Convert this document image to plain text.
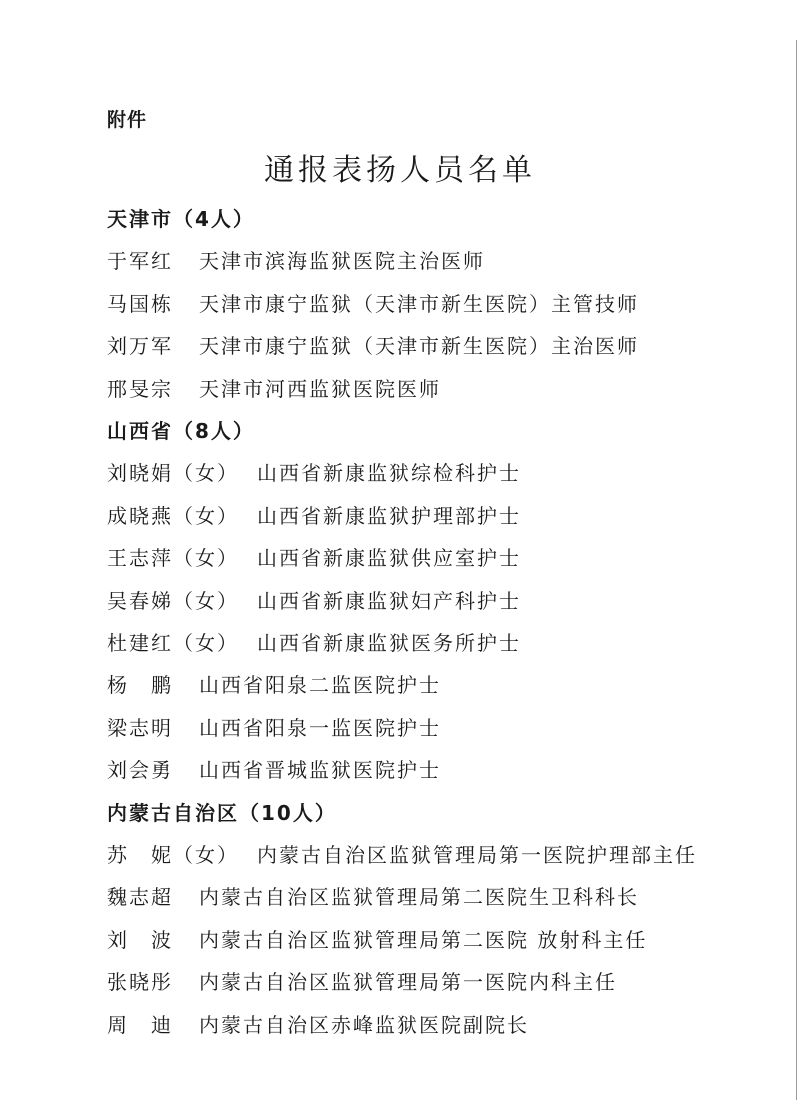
附件
通报表扬人员名单
天津市（4人）
于军红 天津市滨海监狱医院主治医师
马国栋 天津市康宁监狱（天津市新生医院）主管技师
刘万军 天津市康宁监狱（天津市新生医院）主治医师
邢旻宗 天津市河西监狱医院医师
山西省（8人）
刘晓娟（女） 山西省新康监狱综检科护士
成晓燕（女） 山西省新康监狱护理部护士
王志萍（女） 山西省新康监狱供应室护士
吴春娣（女） 山西省新康监狱妇产科护士
杜建红（女） 山西省新康监狱医务所护士
杨　鹏 山西省阳泉二监医院护士
梁志明 山西省阳泉一监医院护士
刘会勇 山西省晋城监狱医院护士
内蒙古自治区（10人）
苏　妮（女） 内蒙古自治区监狱管理局第一医院护理部主任
魏志超 内蒙古自治区监狱管理局第二医院生卫科科长
刘　波 内蒙古自治区监狱管理局第二医院 放射科主任
张晓彤 内蒙古自治区监狱管理局第一医院内科主任
周　迪 内蒙古自治区赤峰监狱医院副院长
